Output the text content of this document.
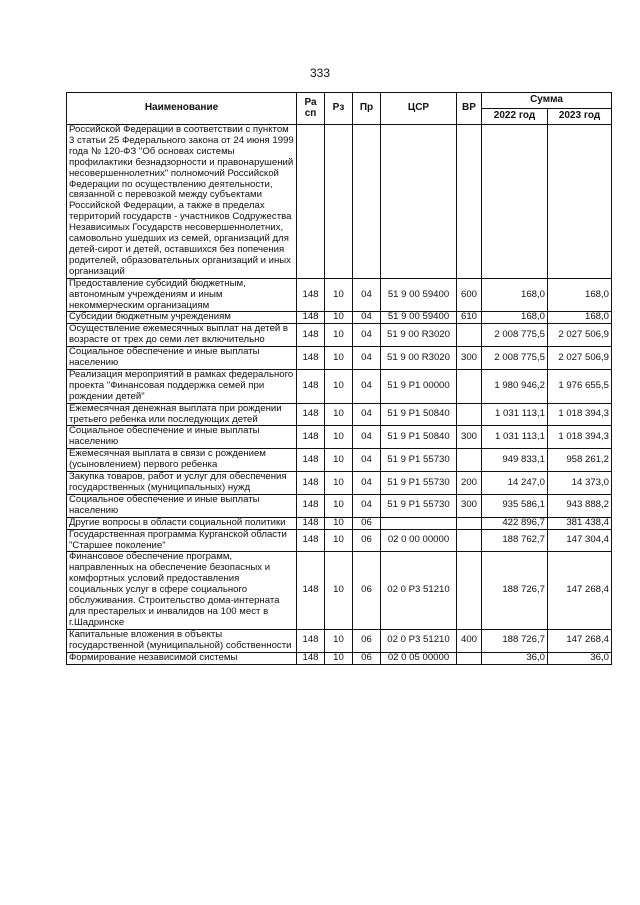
333
Наименование	Ра
сп	Рз	Пр	ЦСР	ВР	Сумма	
						2022 год	2023 год
Российской Федерации в соответствии с пунктом 3 статьи 25 Федерального закона от 24 июня 1999 года № 120-ФЗ "Об основах системы профилактики безнадзорности и правонарушений несовершеннолетних" полномочий Российской Федерации по осуществлению деятельности, связанной с перевозкой между субъектами Российской Федерации, а также в пределах территорий государств - участников Содружества Независимых Государств несовершеннолетних, самовольно ушедших из семей, организаций для детей-сирот и детей, оставшихся без попечения родителей, образовательных организаций и иных организаций							
Предоставление субсидий бюджетным, автономным учреждениям и иным некоммерческим организациям	148	10	04	51 9 00 59400	600	168,0	168,0
Субсидии бюджетным учреждениям	148	10	04	51 9 00 59400	610	168,0	168,0
Осуществление ежемесячных выплат на детей в возрасте от трех до семи лет включительно	148	10	04	51 9 00 R3020		2 008 775,5	2 027 506,9
Социальное обеспечение и иные выплаты населению	148	10	04	51 9 00 R3020	300	2 008 775,5	2 027 506,9
Реализация мероприятий в рамках федерального проекта "Финансовая поддержка семей при рождении детей"	148	10	04	51 9 P1 00000		1 980 946,2	1 976 655,5
Ежемесячная денежная выплата при рождении третьего ребенка или последующих детей	148	10	04	51 9 P1 50840		1 031 113,1	1 018 394,3
Социальное обеспечение и иные выплаты населению	148	10	04	51 9 P1 50840	300	1 031 113,1	1 018 394,3
Ежемесячная выплата в связи с рождением (усыновлением) первого ребенка	148	10	04	51 9 P1 55730		949 833,1	958 261,2
Закупка товаров, работ и услуг для обеспечения государственных (муниципальных) нужд	148	10	04	51 9 P1 55730	200	14 247,0	14 373,0
Социальное обеспечение и иные выплаты населению	148	10	04	51 9 P1 55730	300	935 586,1	943 888,2
Другие вопросы в области социальной политики	148	10	06			422 896,7	381 438,4
Государственная программа Курганской области "Старшее поколение"	148	10	06	02 0 00 00000		188 762,7	147 304,4
Финансовое обеспечение программ, направленных на обеспечение безопасных и комфортных условий предоставления социальных услуг в сфере социального обслуживания. Строительство дома-интерната для престарелых и инвалидов на 100 мест в г.Шадринске	148	10	06	02 0 P3 51210		188 726,7	147 268,4
Капитальные вложения в объекты государственной (муниципальной) собственности	148	10	06	02 0 P3 51210	400	188 726,7	147 268,4
Формирование независимой системы	148	10	06	02 0 05 00000		36,0	36,0
